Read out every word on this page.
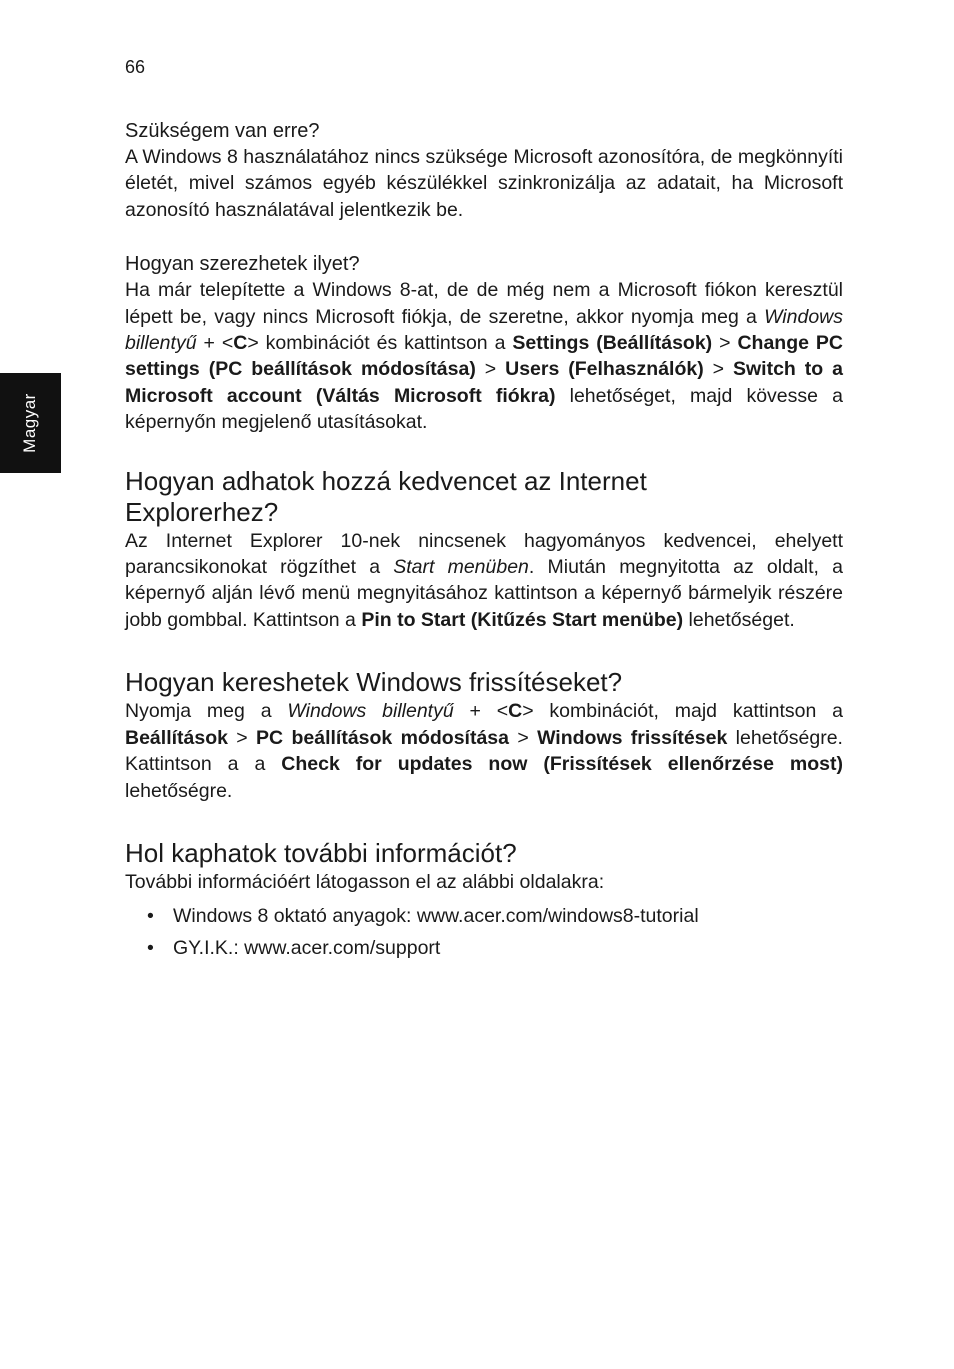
66
Magyar
Szükségem van erre?

A Windows 8 használatához nincs szüksége Microsoft azonosítóra, de megkönnyíti életét, mivel számos egyéb készülékkel szinkronizálja az adatait, ha Microsoft azonosító használatával jelentkezik be.

Hogyan szerezhetek ilyet?

Ha már telepítette a Windows 8-at, de de még nem a Microsoft fiókon keresztül lépett be, vagy nincs Microsoft fiókja, de szeretne, akkor nyomja meg a Windows billentyű + <C> kombinációt és kattintson a Settings (Beállítások) > Change PC settings (PC beállítások módosítása) > Users (Felhasználók) > Switch to a Microsoft account (Váltás Microsoft fiókra) lehetőséget, majd kövesse a képernyőn megjelenő utasításokat.

Hogyan adhatok hozzá kedvencet az Internet Explorerhez?

Az Internet Explorer 10-nek nincsenek hagyományos kedvencei, ehelyett parancsikonokat rögzíthet a Start menüben. Miután megnyitotta az oldalt, a képernyő alján lévő menü megnyitásához kattintson a képernyő bármelyik részére jobb gombbal. Kattintson a Pin to Start (Kitűzés Start menübe) lehetőséget.

Hogyan kereshetek Windows frissítéseket?

Nyomja meg a Windows billentyű + <C> kombinációt, majd kattintson a Beállítások > PC beállítások módosítása > Windows frissítések lehetőségre. Kattintson a a Check for updates now (Frissítések ellenőrzése most) lehetőségre.

Hol kaphatok további információt?

További információért látogasson el az alábbi oldalakra:

• Windows 8 oktató anyagok: www.acer.com/windows8-tutorial
• GY.I.K.: www.acer.com/support
